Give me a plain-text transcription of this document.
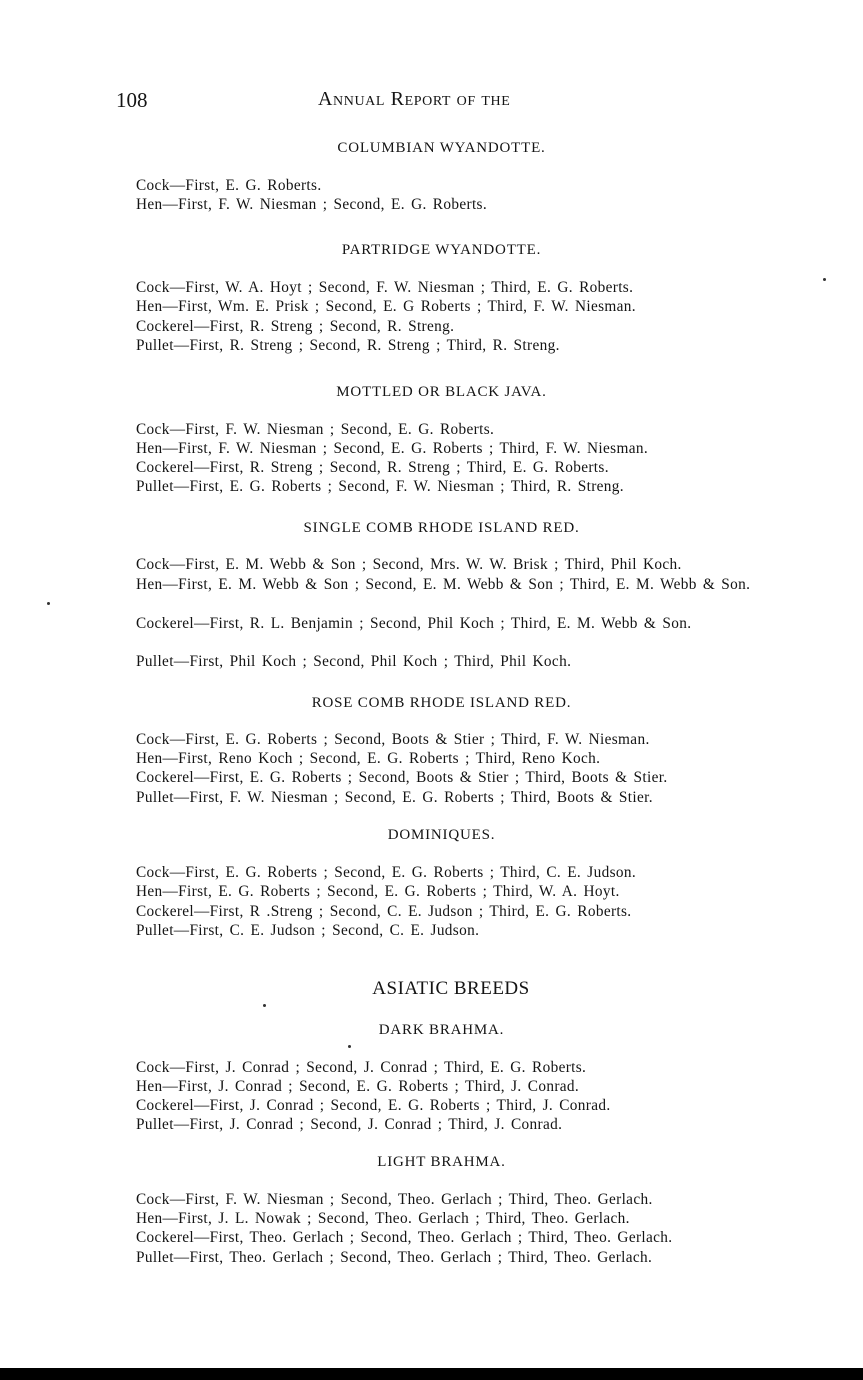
108	Annual Report of the
COLUMBIAN WYANDOTTE.
Cock—First, E. G. Roberts.
Hen—First, F. W. Niesman ; Second, E. G. Roberts.
PARTRIDGE WYANDOTTE.
Cock—First, W. A. Hoyt ; Second, F. W. Niesman ; Third, E. G. Roberts.
Hen—First, Wm. E. Prisk ; Second, E. G Roberts ; Third, F. W. Niesman.
Cockerel—First, R. Streng ; Second, R. Streng.
Pullet—First, R. Streng ; Second, R. Streng ; Third, R. Streng.
MOTTLED OR BLACK JAVA.
Cock—First, F. W. Niesman ; Second, E. G. Roberts.
Hen—First, F. W. Niesman ; Second, E. G. Roberts ; Third, F. W. Niesman.
Cockerel—First, R. Streng ; Second, R. Streng ; Third, E. G. Roberts.
Pullet—First, E. G. Roberts ; Second, F. W. Niesman ; Third, R. Streng.
SINGLE COMB RHODE ISLAND RED.
Cock—First, E. M. Webb & Son ; Second, Mrs. W. W. Brisk ; Third, Phil Koch.
Hen—First, E. M. Webb & Son ; Second, E. M. Webb & Son ; Third, E. M. Webb & Son.
Cockerel—First, R. L. Benjamin ; Second, Phil Koch ; Third, E. M. Webb & Son.
Pullet—First, Phil Koch ; Second, Phil Koch ; Third, Phil Koch.
ROSE COMB RHODE ISLAND RED.
Cock—First, E. G. Roberts ; Second, Boots & Stier ; Third, F. W. Niesman.
Hen—First, Reno Koch ; Second, E. G. Roberts ; Third, Reno Koch.
Cockerel—First, E. G. Roberts ; Second, Boots & Stier ; Third, Boots & Stier.
Pullet—First, F. W. Niesman ; Second, E. G. Roberts ; Third, Boots & Stier.
DOMINIQUES.
Cock—First, E. G. Roberts ; Second, E. G. Roberts ; Third, C. E. Judson.
Hen—First, E. G. Roberts ; Second, E. G. Roberts ; Third, W. A. Hoyt.
Cockerel—First, R .Streng ; Second, C. E. Judson ; Third, E. G. Roberts.
Pullet—First, C. E. Judson ; Second, C. E. Judson.
ASIATIC BREEDS
DARK BRAHMA.
Cock—First, J. Conrad ; Second, J. Conrad ; Third, E. G. Roberts.
Hen—First, J. Conrad ; Second, E. G. Roberts ; Third, J. Conrad.
Cockerel—First, J. Conrad ; Second, E. G. Roberts ; Third, J. Conrad.
Pullet—First, J. Conrad ; Second, J. Conrad ; Third, J. Conrad.
LIGHT BRAHMA.
Cock—First, F. W. Niesman ; Second, Theo. Gerlach ; Third, Theo. Gerlach.
Hen—First, J. L. Nowak ; Second, Theo. Gerlach ; Third, Theo. Gerlach.
Cockerel—First, Theo. Gerlach ; Second, Theo. Gerlach ; Third, Theo. Gerlach.
Pullet—First, Theo. Gerlach ; Second, Theo. Gerlach ; Third, Theo. Gerlach.
